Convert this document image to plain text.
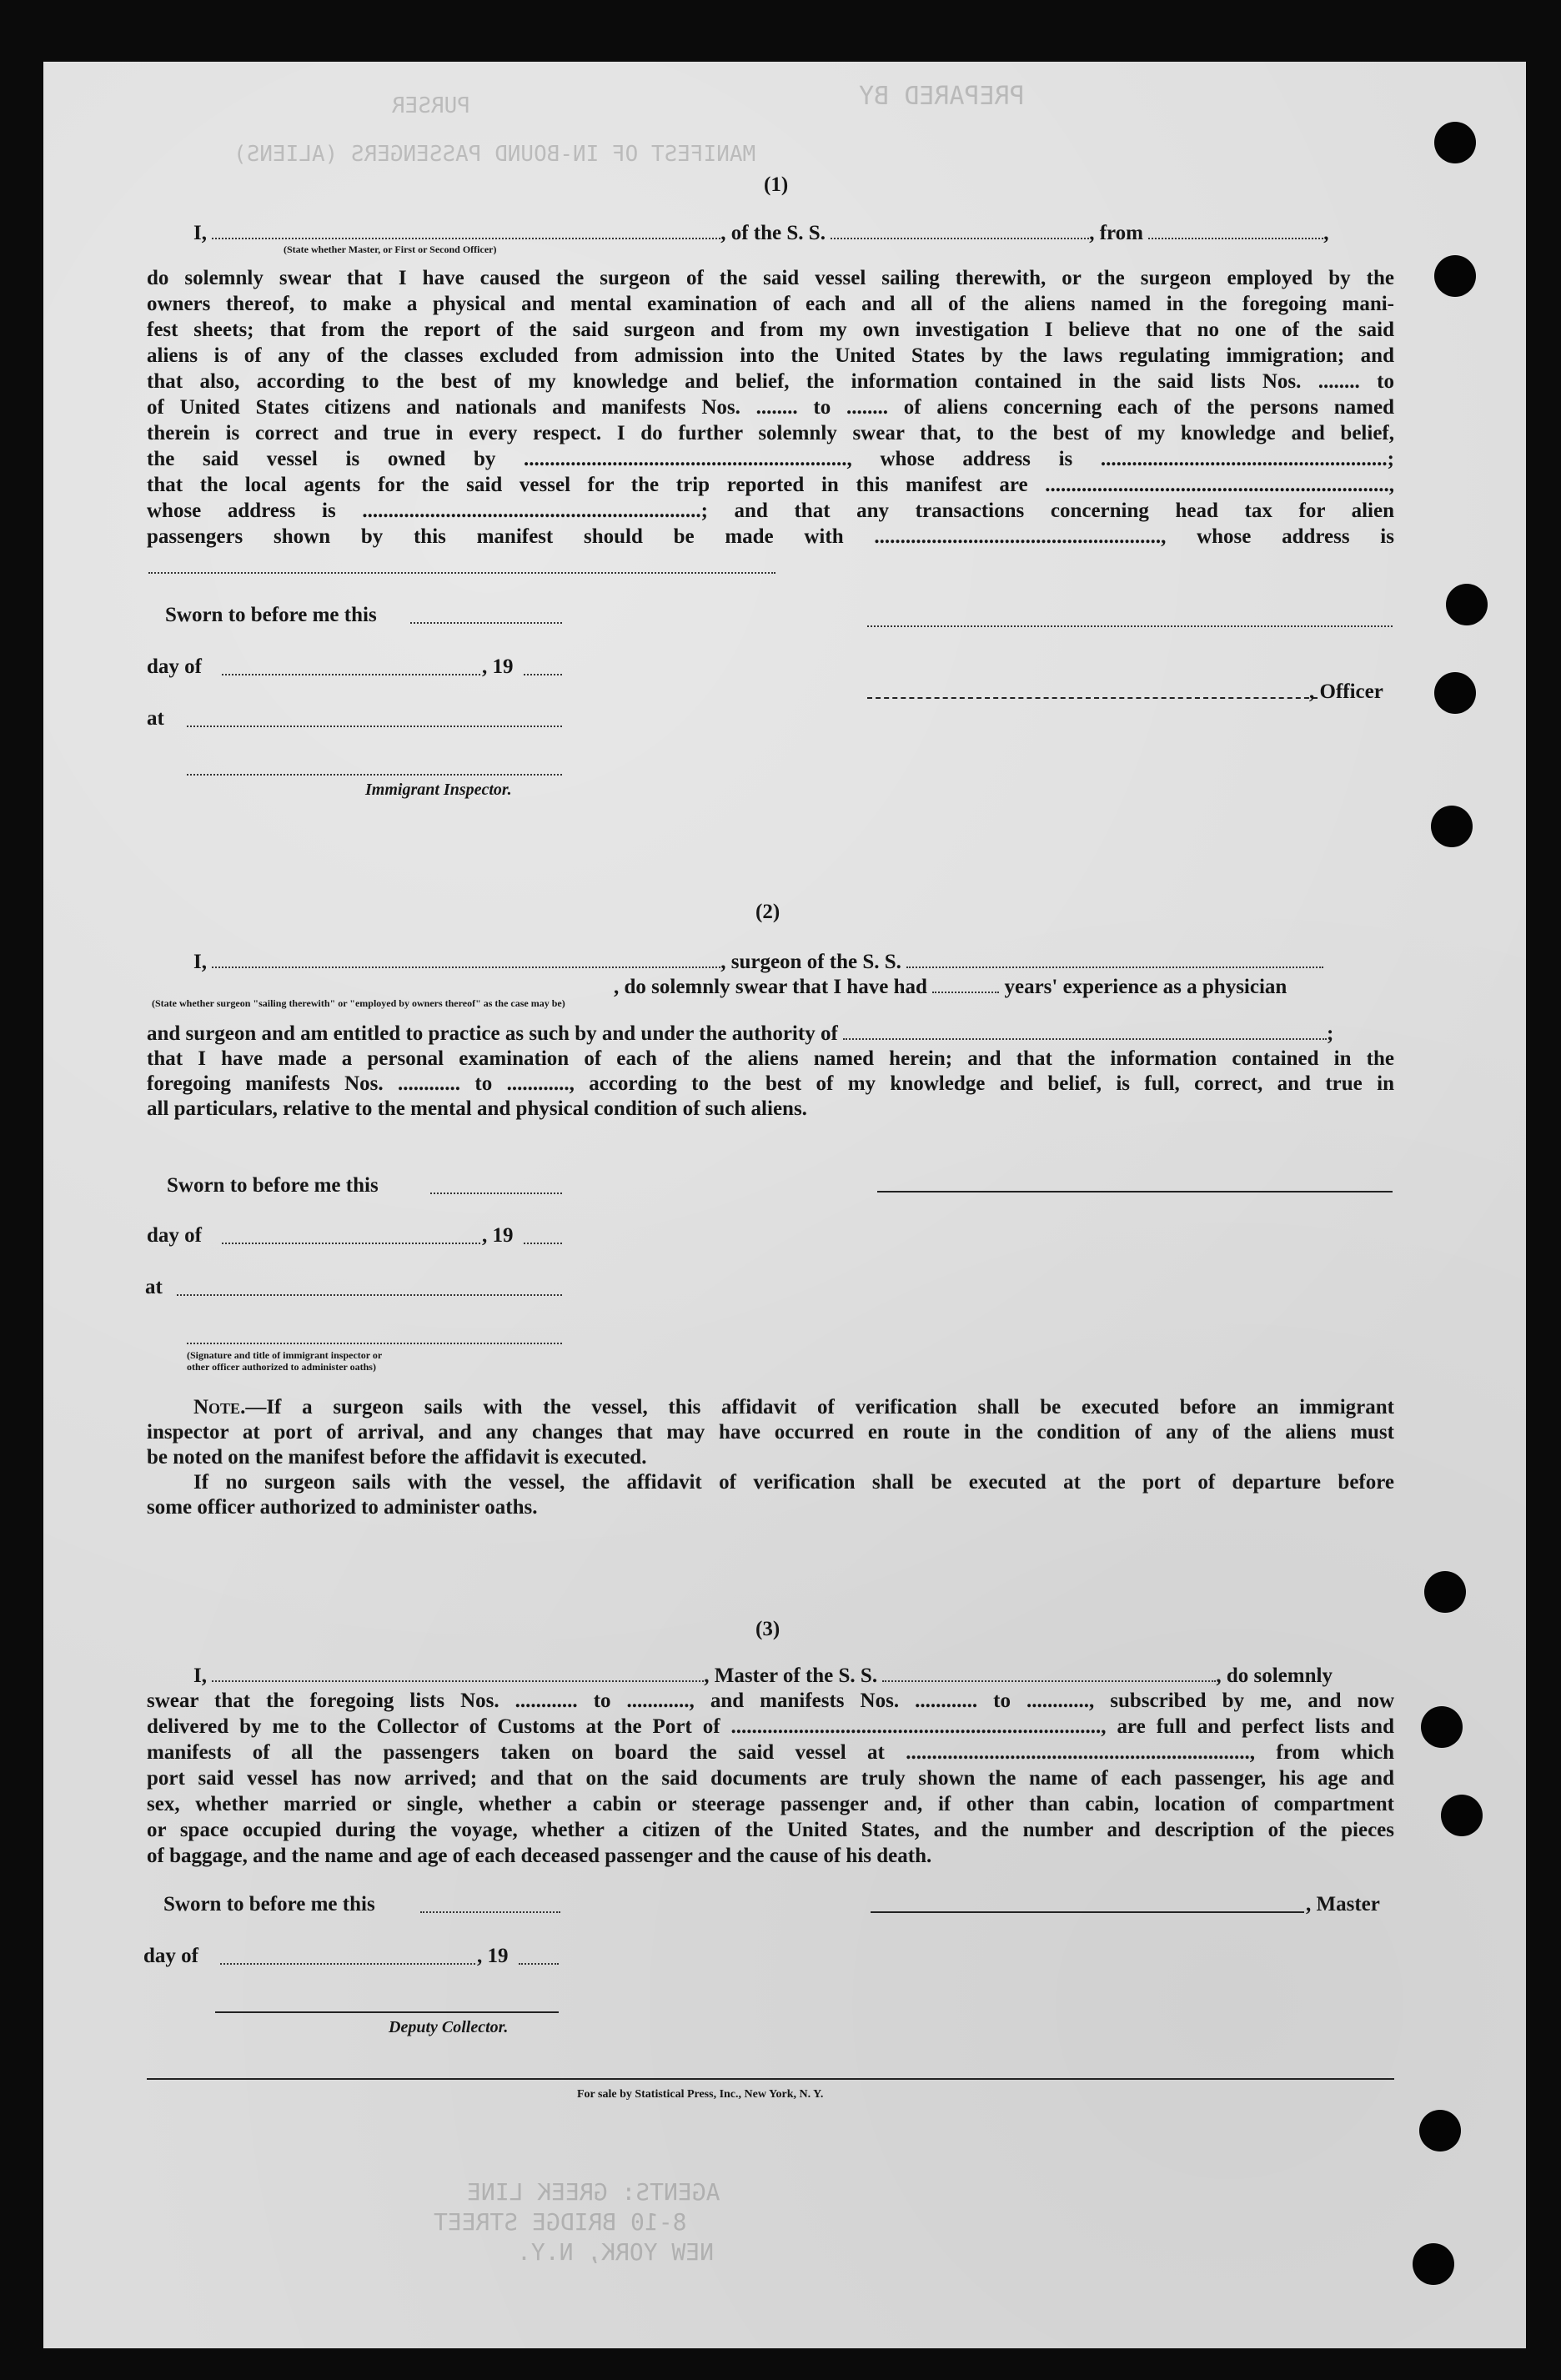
PREPARED BY
PURSER
MANIFEST OF IN-BOUND PASSENGERS (ALIENS)
AGENTS: GREEK LINE
8-10 BRIDGE STREET
NEW YORK, N.Y.
(1)
I,	, of the S. S.	, from	,
(State whether Master, or First or Second Officer)
do solemnly swear that I have caused the surgeon of the said vessel sailing therewith, or the surgeon employed by the
owners thereof, to make a physical and mental examination of each and all of the aliens named in the foregoing mani-
fest sheets; that from the report of the said surgeon and from my own investigation I believe that no one of the said
aliens is of any of the classes excluded from admission into the United States by the laws regulating immigration; and
that also, according to the best of my knowledge and belief, the information contained in the said lists Nos. ........ to
of United States citizens and nationals and manifests Nos. ........ to ........ of aliens concerning each of the persons named
therein is correct and true in every respect. I do further solemnly swear that, to the best of my knowledge and belief,
the said vessel is owned by .............................................................., whose address is .......................................................;
that the local agents for the said vessel for the trip reported in this manifest are ..................................................................,
whose address is .................................................................; and that any transactions concerning head tax for alien
passengers shown by this manifest should be made with ......................................................., whose address is
Sworn to before me this
day of	, 19
at
, Officer
Immigrant Inspector.
(2)
I,	, surgeon of the S. S.
, do solemnly swear that I have had	years' experience as a physician
(State whether surgeon "sailing therewith" or "employed by owners thereof" as the case may be)
and surgeon and am entitled to practice as such by and under the authority of	;
that I have made a personal examination of each of the aliens named herein; and that the information contained in the
foregoing manifests Nos. ............ to ............, according to the best of my knowledge and belief, is full, correct, and true in
all particulars, relative to the mental and physical condition of such aliens.
Sworn to before me this
day of	, 19
at
(Signature and title of immigrant inspector or
other officer authorized to administer oaths)
Note.—If a surgeon sails with the vessel, this affidavit of verification shall be executed before an immigrant
inspector at port of arrival, and any changes that may have occurred en route in the condition of any of the aliens must
be noted on the manifest before the affidavit is executed.
If no surgeon sails with the vessel, the affidavit of verification shall be executed at the port of departure before
some officer authorized to administer oaths.
(3)
I,	, Master of the S. S.	, do solemnly
swear that the foregoing lists Nos. ............ to ............, and manifests Nos. ............ to ............, subscribed by me, and now
delivered by me to the Collector of Customs at the Port of ......................................................................., are full and perfect lists and
manifests of all the passengers taken on board the said vessel at .................................................................., from which
port said vessel has now arrived; and that on the said documents are truly shown the name of each passenger, his age and
sex, whether married or single, whether a cabin or steerage passenger and, if other than cabin, location of compartment
or space occupied during the voyage, whether a citizen of the United States, and the number and description of the pieces
of baggage, and the name and age of each deceased passenger and the cause of his death.
Sworn to before me this	, Master
day of	, 19
Deputy Collector.
For sale by Statistical Press, Inc., New York, N. Y.
